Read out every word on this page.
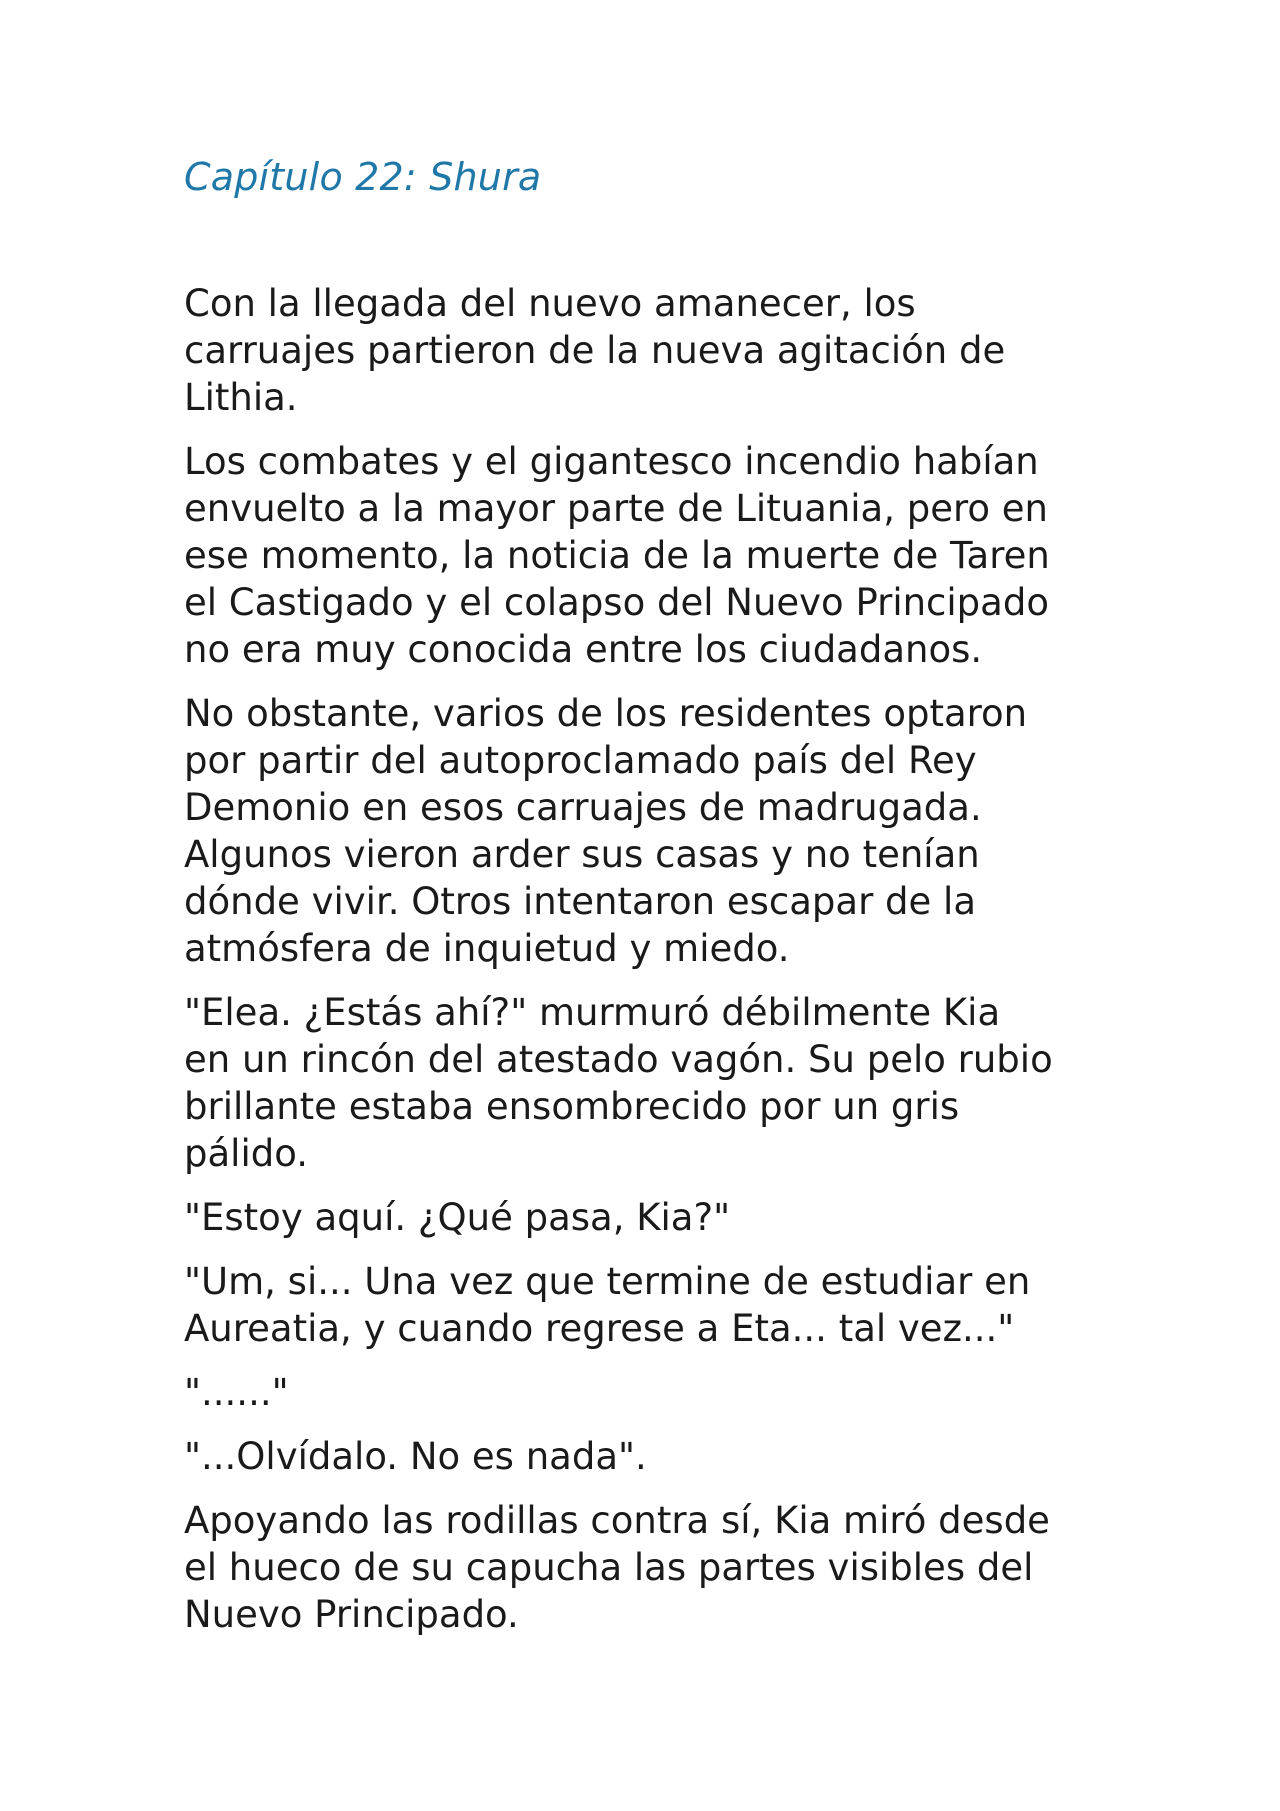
Capítulo 22: Shura

Con la llegada del nuevo amanecer, los
carruajes partieron de la nueva agitación de
Lithia.

Los combates y el gigantesco incendio habían
envuelto a la mayor parte de Lituania, pero en
ese momento, la noticia de la muerte de Taren
el Castigado y el colapso del Nuevo Principado
no era muy conocida entre los ciudadanos.

No obstante, varios de los residentes optaron
por partir del autoproclamado país del Rey
Demonio en esos carruajes de madrugada.
Algunos vieron arder sus casas y no tenían
dónde vivir. Otros intentaron escapar de la
atmósfera de inquietud y miedo.

"Elea. ¿Estás ahí?" murmuró débilmente Kia
en un rincón del atestado vagón. Su pelo rubio
brillante estaba ensombrecido por un gris
pálido.

"Estoy aquí. ¿Qué pasa, Kia?"

"Um, si... Una vez que termine de estudiar en
Aureatia, y cuando regrese a Eta... tal vez..."

"......"

"...Olvídalo. No es nada".

Apoyando las rodillas contra sí, Kia miró desde
el hueco de su capucha las partes visibles del
Nuevo Principado.
